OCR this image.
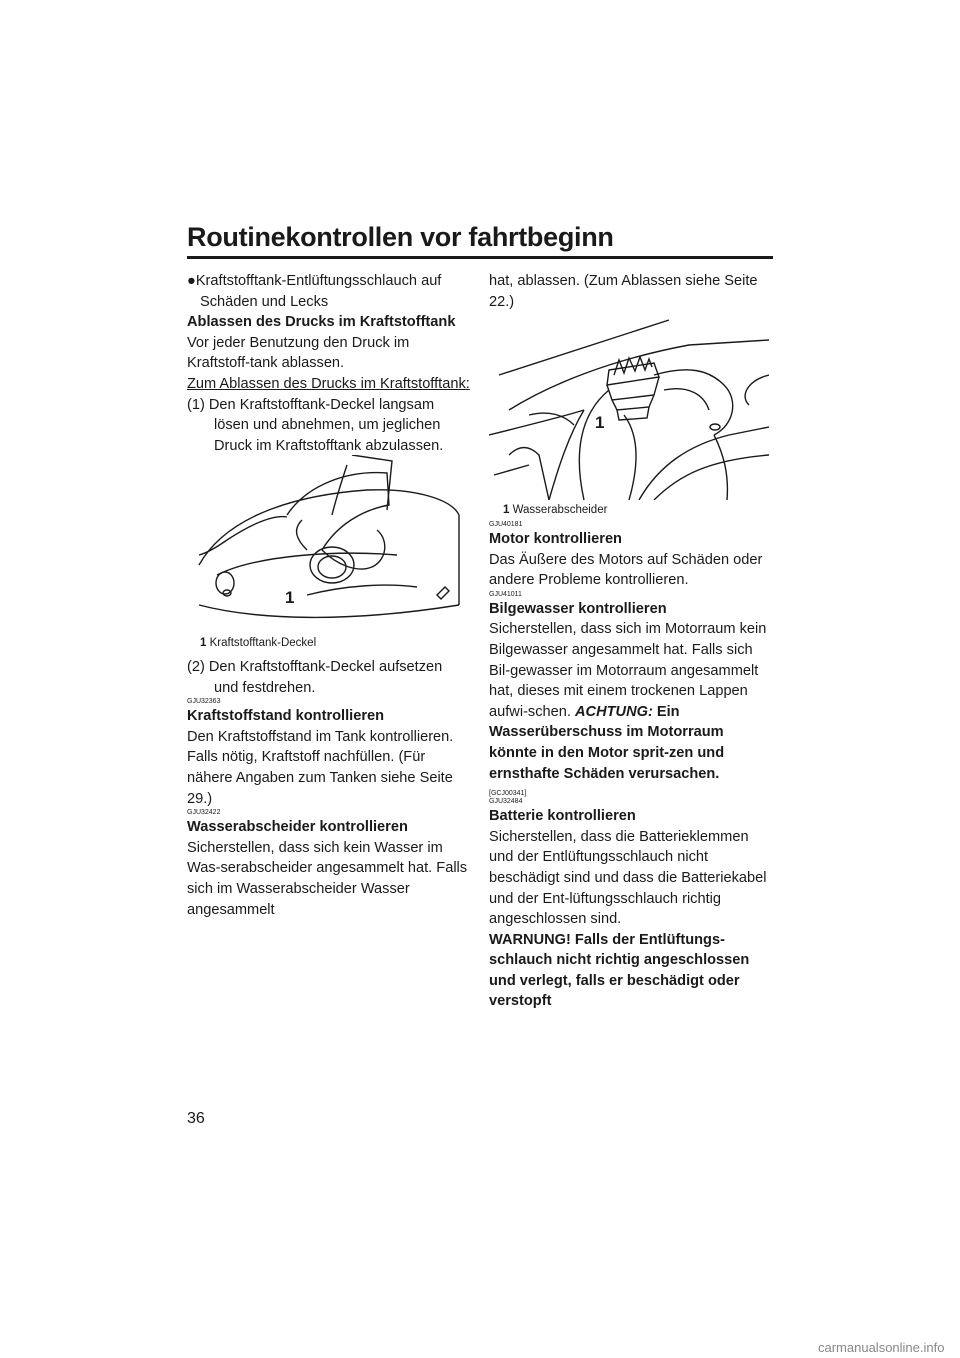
Routinekontrollen vor fahrtbeginn

●Kraftstofftank-Entlüftungsschlauch auf Schäden und Lecks

Ablassen des Drucks im Kraftstofftank

Vor jeder Benutzung den Druck im Kraftstoff-tank ablassen.

Zum Ablassen des Drucks im Kraftstofftank:

(1) Den Kraftstofftank-Deckel langsam lösen und abnehmen, um jeglichen Druck im Kraftstofftank abzulassen.

1
1 Kraftstofftank-Deckel

(2) Den Kraftstofftank-Deckel aufsetzen und festdrehen.

GJU32363

Kraftstoffstand kontrollieren

Den Kraftstoffstand im Tank kontrollieren. Falls nötig, Kraftstoff nachfüllen. (Für nähere Angaben zum Tanken siehe Seite 29.)

GJU32422

Wasserabscheider kontrollieren

Sicherstellen, dass sich kein Wasser im Was-serabscheider angesammelt hat. Falls sich im Wasserabscheider Wasser angesammelt

hat, ablassen. (Zum Ablassen siehe Seite 22.)

1
1 Wasserabscheider

GJU40181

Motor kontrollieren

Das Äußere des Motors auf Schäden oder andere Probleme kontrollieren.

GJU41011

Bilgewasser kontrollieren

Sicherstellen, dass sich im Motorraum kein Bilgewasser angesammelt hat. Falls sich Bil-gewasser im Motorraum angesammelt hat, dieses mit einem trockenen Lappen aufwi-schen. ACHTUNG: Ein Wasserüberschuss im Motorraum könnte in den Motor sprit-zen und ernsthafte Schäden verursachen.

[GCJ00341]

GJU32484

Batterie kontrollieren

Sicherstellen, dass die Batterieklemmen und der Entlüftungsschlauch nicht beschädigt sind und dass die Batteriekabel und der Ent-lüftungsschlauch richtig angeschlossen sind.

WARNUNG! Falls der Entlüftungs-schlauch nicht richtig angeschlossen und verlegt, falls er beschädigt oder verstopft

36
carmanualsonline.info
